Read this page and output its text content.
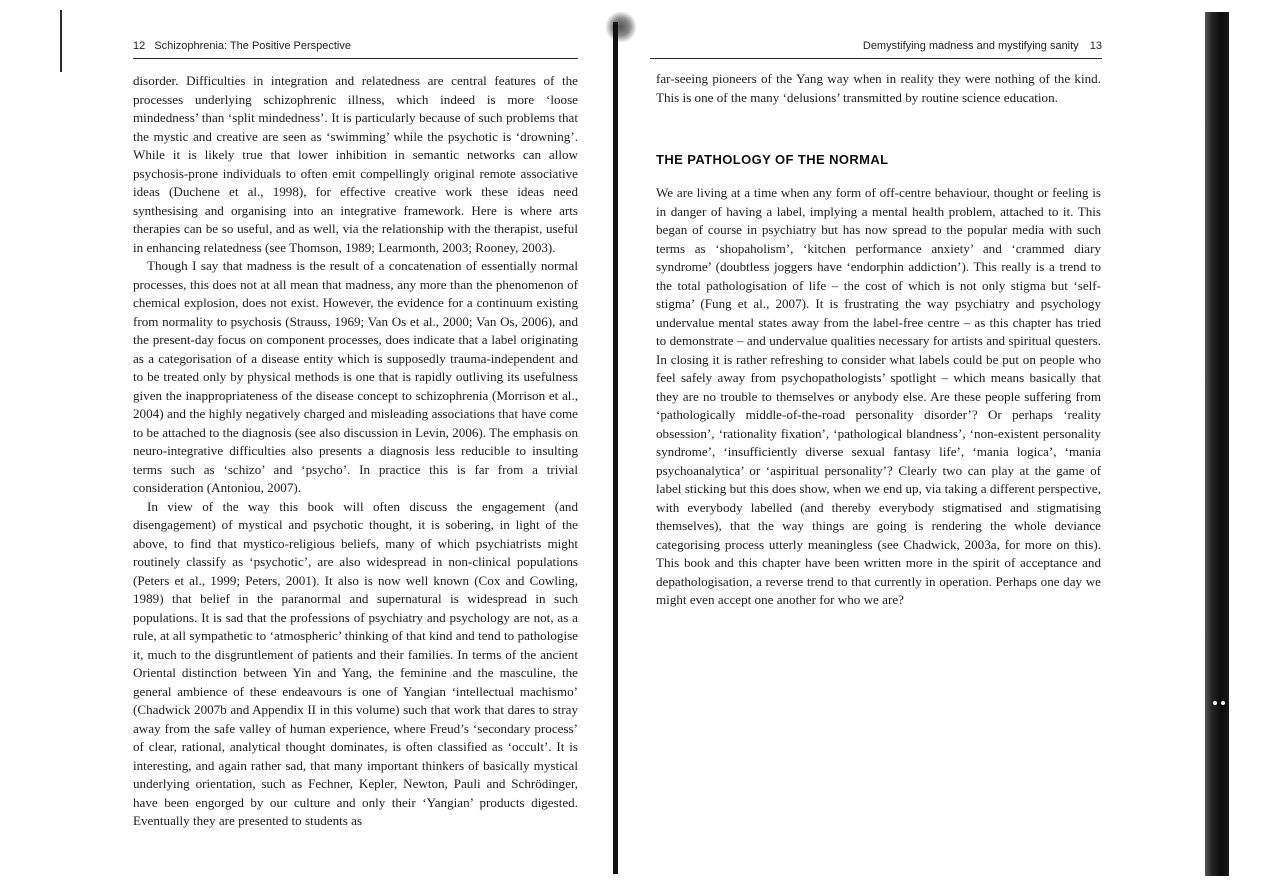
12 Schizophrenia: The Positive Perspective

disorder. Difficulties in integration and relatedness are central features of the processes underlying schizophrenic illness, which indeed is more ‘loose mindedness’ than ‘split mindedness’. It is particularly because of such problems that the mystic and creative are seen as ‘swimming’ while the psychotic is ‘drowning’. While it is likely true that lower inhibition in semantic networks can allow psychosis-prone individuals to often emit compellingly original remote associative ideas (Duchene et al., 1998), for effective creative work these ideas need synthesising and organising into an integrative framework. Here is where arts therapies can be so useful, and as well, via the relationship with the therapist, useful in enhancing relatedness (see Thomson, 1989; Learmonth, 2003; Rooney, 2003).

Though I say that madness is the result of a concatenation of essentially normal processes, this does not at all mean that madness, any more than the phenomenon of chemical explosion, does not exist. However, the evidence for a continuum existing from normality to psychosis (Strauss, 1969; Van Os et al., 2000; Van Os, 2006), and the present-day focus on component processes, does indicate that a label originating as a categorisation of a disease entity which is supposedly trauma-independent and to be treated only by physical methods is one that is rapidly outliving its usefulness given the inappropriateness of the disease concept to schizophrenia (Morrison et al., 2004) and the highly negatively charged and misleading associations that have come to be attached to the diagnosis (see also discussion in Levin, 2006). The emphasis on neuro-integrative difficulties also presents a diagnosis less reducible to insulting terms such as ‘schizo’ and ‘psycho’. In practice this is far from a trivial consideration (Antoniou, 2007).

In view of the way this book will often discuss the engagement (and disengagement) of mystical and psychotic thought, it is sobering, in light of the above, to find that mystico-religious beliefs, many of which psychiatrists might routinely classify as ‘psychotic’, are also widespread in non-clinical populations (Peters et al., 1999; Peters, 2001). It also is now well known (Cox and Cowling, 1989) that belief in the paranormal and supernatural is widespread in such populations. It is sad that the professions of psychiatry and psychology are not, as a rule, at all sympathetic to ‘atmospheric’ thinking of that kind and tend to pathologise it, much to the disgruntlement of patients and their families. In terms of the ancient Oriental distinction between Yin and Yang, the feminine and the masculine, the general ambience of these endeavours is one of Yangian ‘intellectual machismo’ (Chadwick 2007b and Appendix II in this volume) such that work that dares to stray away from the safe valley of human experience, where Freud’s ‘secondary process’ of clear, rational, analytical thought dominates, is often classified as ‘occult’. It is interesting, and again rather sad, that many important thinkers of basically mystical underlying orientation, such as Fechner, Kepler, Newton, Pauli and Schrödinger, have been engorged by our culture and only their ‘Yangian’ products digested. Eventually they are presented to students as

Demystifying madness and mystifying sanity 13

far-seeing pioneers of the Yang way when in reality they were nothing of the kind. This is one of the many ‘delusions’ transmitted by routine science education.

THE PATHOLOGY OF THE NORMAL

We are living at a time when any form of off-centre behaviour, thought or feeling is in danger of having a label, implying a mental health problem, attached to it. This began of course in psychiatry but has now spread to the popular media with such terms as ‘shopaholism’, ‘kitchen performance anxiety’ and ‘crammed diary syndrome’ (doubtless joggers have ‘endorphin addiction’). This really is a trend to the total pathologisation of life – the cost of which is not only stigma but ‘self-stigma’ (Fung et al., 2007). It is frustrating the way psychiatry and psychology undervalue mental states away from the label-free centre – as this chapter has tried to demonstrate – and undervalue qualities necessary for artists and spiritual questers. In closing it is rather refreshing to consider what labels could be put on people who feel safely away from psychopathologists’ spotlight – which means basically that they are no trouble to themselves or anybody else. Are these people suffering from ‘pathologically middle-of-the-road personality disorder’? Or perhaps ‘reality obsession’, ‘rationality fixation’, ‘pathological blandness’, ‘non-existent personality syndrome’, ‘insufficiently diverse sexual fantasy life’, ‘mania logica’, ‘mania psychoanalytica’ or ‘aspiritual personality’? Clearly two can play at the game of label sticking but this does show, when we end up, via taking a different perspective, with everybody labelled (and thereby everybody stigmatised and stigmatising themselves), that the way things are going is rendering the whole deviance categorising process utterly meaningless (see Chadwick, 2003a, for more on this). This book and this chapter have been written more in the spirit of acceptance and depathologisation, a reverse trend to that currently in operation. Perhaps one day we might even accept one another for who we are?
